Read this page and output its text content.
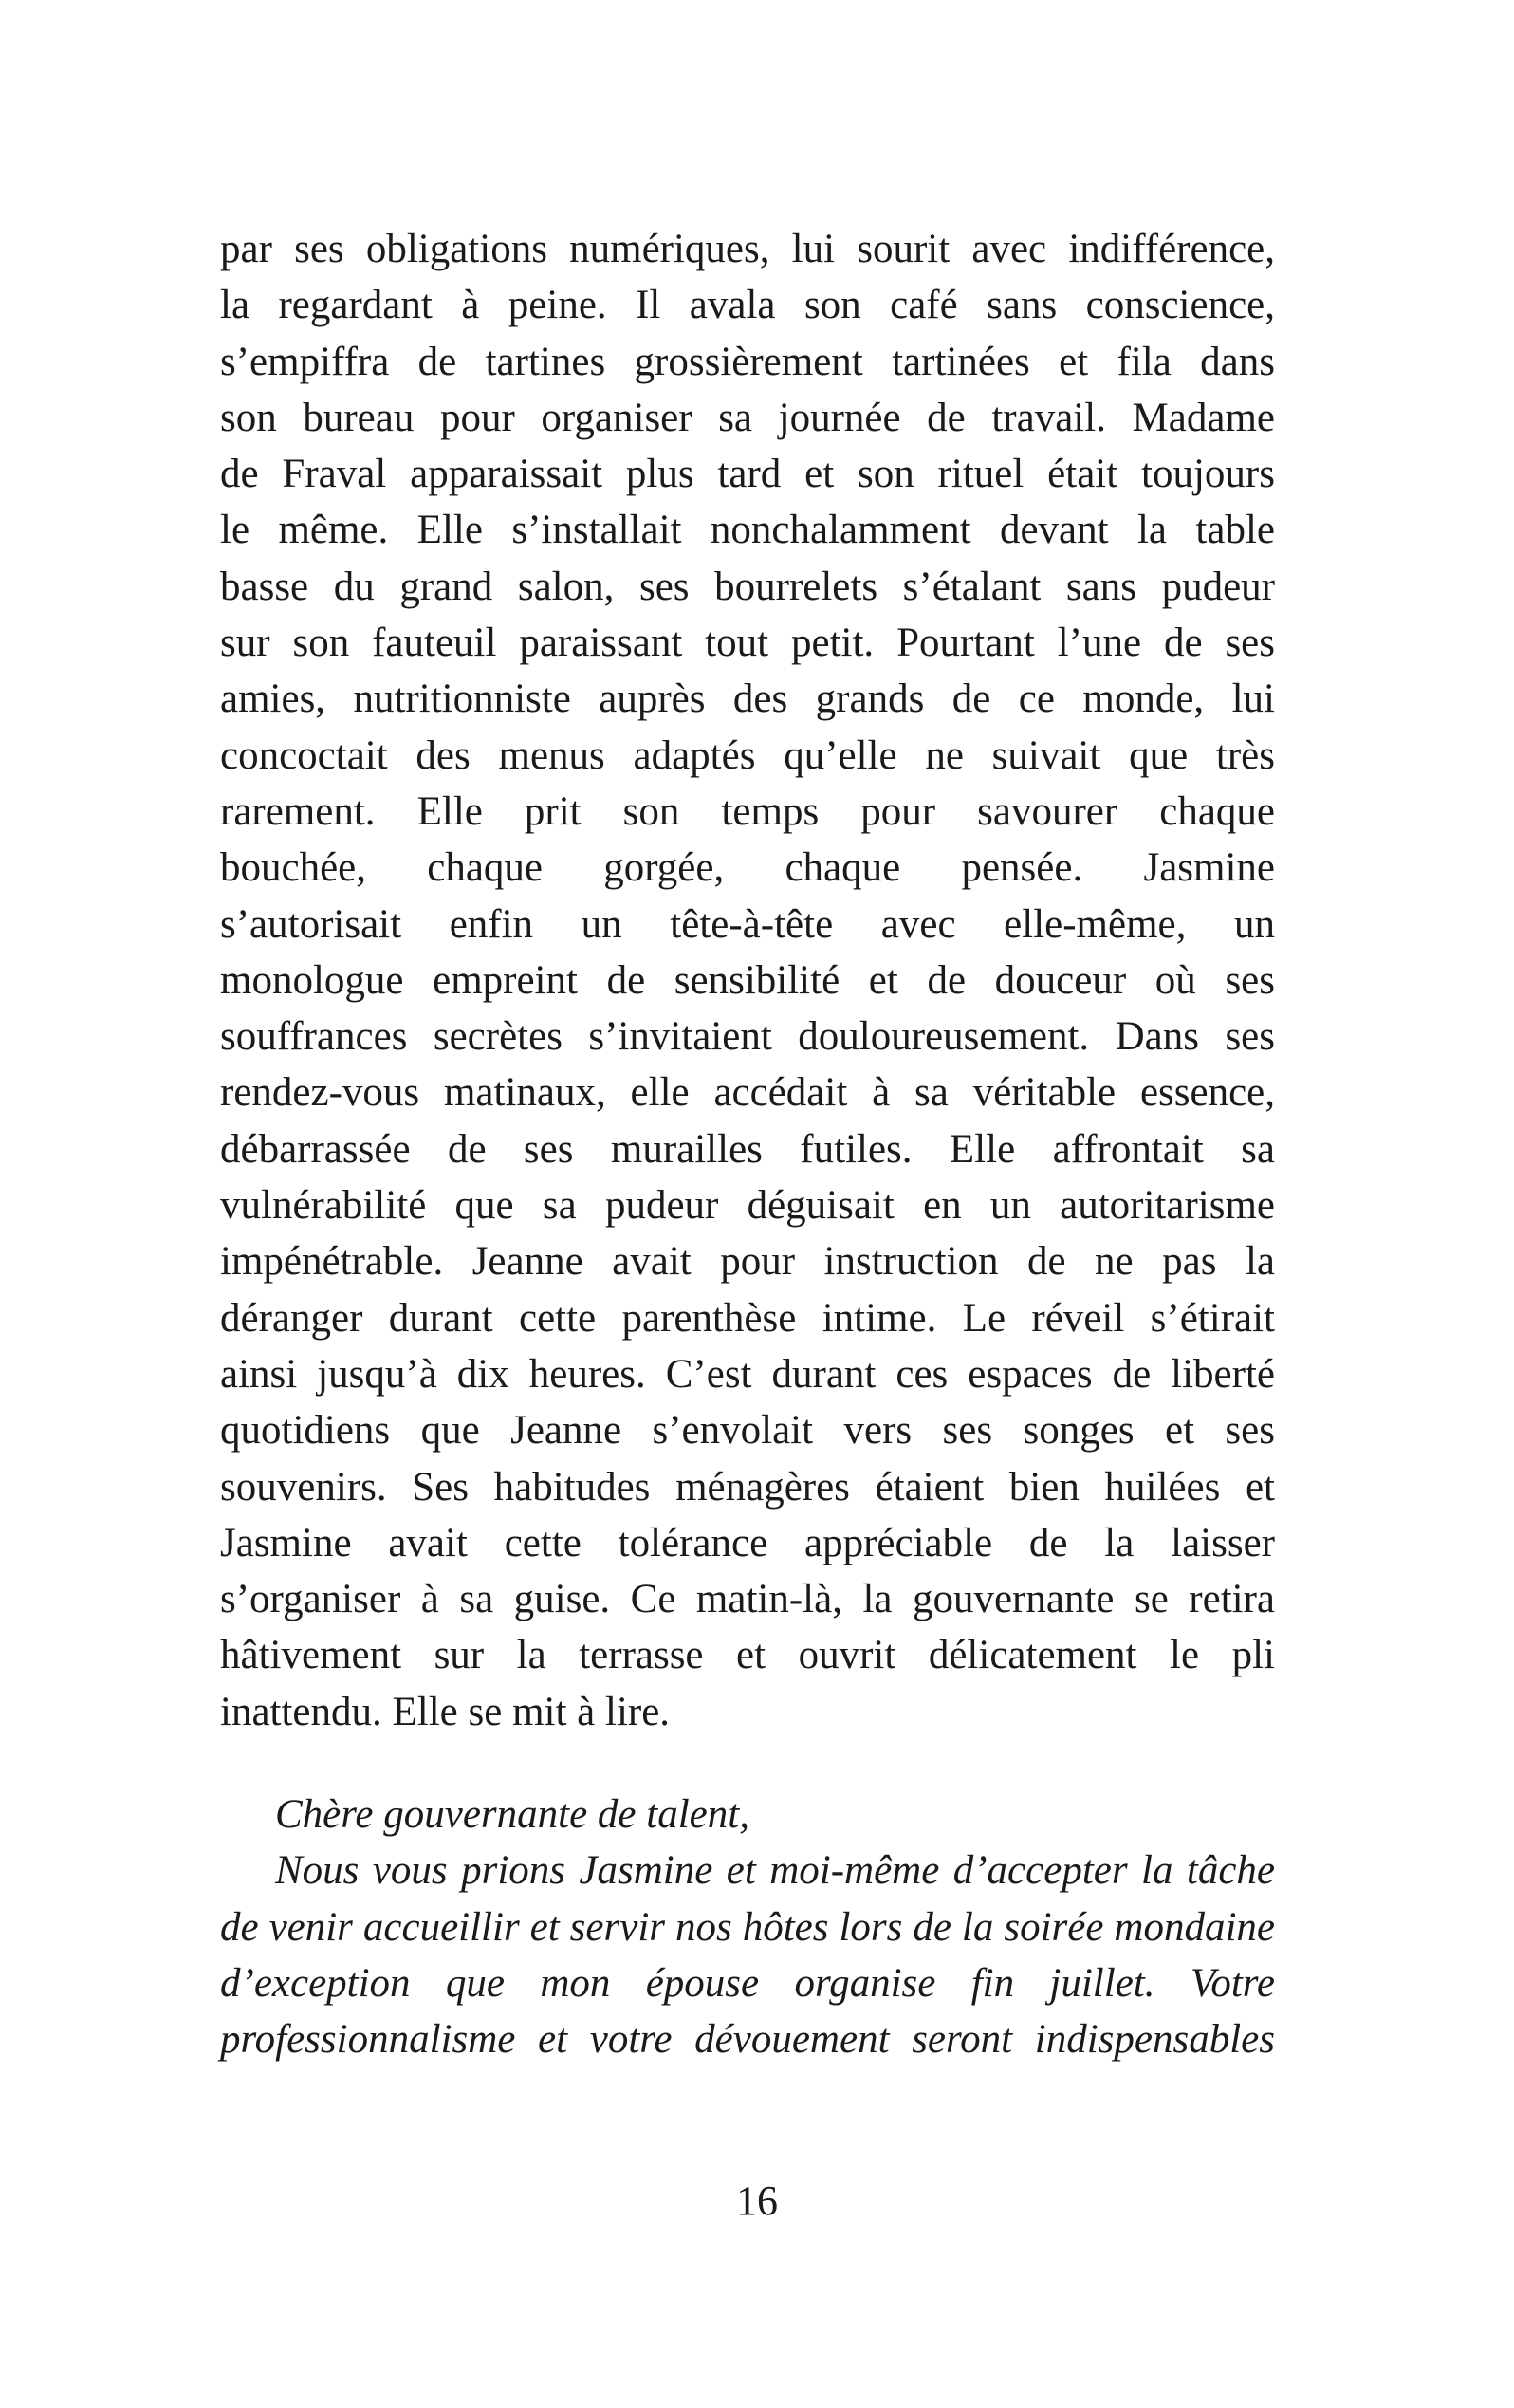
par ses obligations numériques, lui sourit avec indifférence,
la regardant à peine. Il avala son café sans conscience,
s’empiffra de tartines grossièrement tartinées et fila dans
son bureau pour organiser sa journée de travail. Madame
de Fraval apparaissait plus tard et son rituel était toujours
le même. Elle s’installait nonchalamment devant la table
basse du grand salon, ses bourrelets s’étalant sans pudeur
sur son fauteuil paraissant tout petit. Pourtant l’une de ses
amies, nutritionniste auprès des grands de ce monde, lui
concoctait des menus adaptés qu’elle ne suivait que très
rarement. Elle prit son temps pour savourer chaque
bouchée, chaque gorgée, chaque pensée. Jasmine
s’autorisait enfin un tête-à-tête avec elle-même, un
monologue empreint de sensibilité et de douceur où ses
souffrances secrètes s’invitaient douloureusement. Dans ses
rendez-vous matinaux, elle accédait à sa véritable essence,
débarrassée de ses murailles futiles. Elle affrontait sa
vulnérabilité que sa pudeur déguisait en un autoritarisme
impénétrable. Jeanne avait pour instruction de ne pas la
déranger durant cette parenthèse intime. Le réveil s’étirait
ainsi jusqu’à dix heures. C’est durant ces espaces de liberté
quotidiens que Jeanne s’envolait vers ses songes et ses
souvenirs. Ses habitudes ménagères étaient bien huilées et
Jasmine avait cette tolérance appréciable de la laisser
s’organiser à sa guise. Ce matin-là, la gouvernante se retira
hâtivement sur la terrasse et ouvrit délicatement le pli
inattendu. Elle se mit à lire.
Chère gouvernante de talent,
Nous vous prions Jasmine et moi-même d’accepter la tâche
de venir accueillir et servir nos hôtes lors de la soirée mondaine
d’exception que mon épouse organise fin juillet. Votre
professionnalisme et votre dévouement seront indispensables
16
